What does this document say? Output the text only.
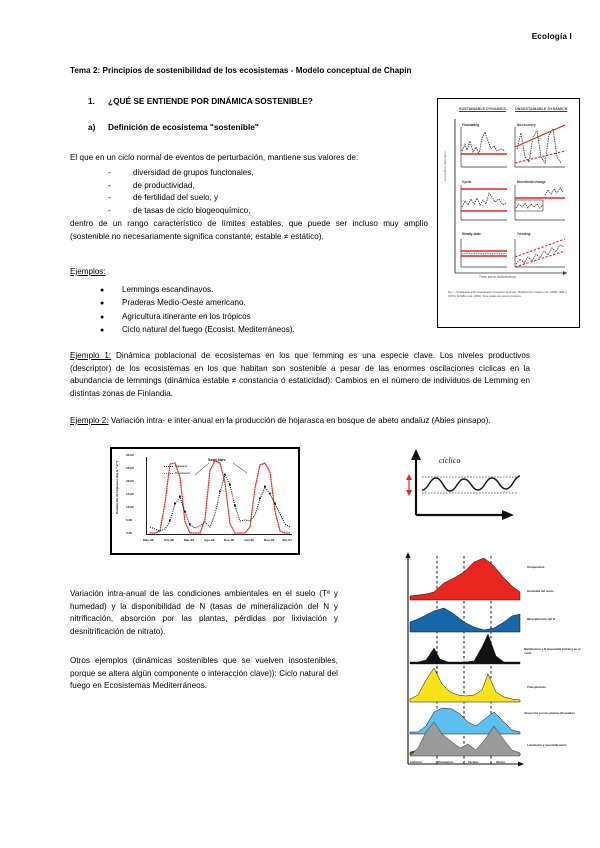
Ecología I
Tema 2: Principios de sostenibilidad de los ecosistemas - Modelo conceptual de Chapín
1.	¿QUÉ SE ENTIENDE POR DINÁMICA SOSTENIBLE?
a)	Definición de ecosistema "sostenible"
El que en un ciclo normal de eventos de perturbación, mantiene sus valores de:
-	diversidad de grupos funcionales,
-	de productividad,
-	de fertilidad del suelo, y
-	de tasas de ciclo biogeoquímico,
dentro de un rango característico de límites estables, que puede ser incluso muy amplio (sostenible no necesariamente significa constante; estable ≠ estático).
Ejemplos:
●	Lemmings escandinavos.
●	Praderas Medio-Oeste americano.
●	Agricultura itinerante en los trópicos
●	Ciclo natural del fuego (Ecosist. Mediterráneos).
Ejemplo 1: Dinámica poblacional de ecosistemas en los que lemming es una especie clave. Los niveles productivos (descriptor) de los ecosistemas en los que habitan son sostenible a pesar de las enormes oscilaciones cíclicas en la abundancia de lemmings (dinámica estable ≠ constancia ó estaticidad): Cambios en el número de individuos de Lemming en distintas zonas de Finlandia.
Ejemplo 2: Variación intra- e inter-anual en la producción de hojarasca en bosque de abeto andaluz (Abies pinsapo).
Variación intra-anual de las condiciones ambientales en el suelo (Tª y humedad) y la disponibilidad de N (tasas de mineralización del N y nitrificación, absorción por las plantas, pérdidas por lixiviación y desnitrificación de nitrato).
Otros ejemplos (dinámicas sostenibles que se vuelven insostenibles, porque se altera algún componente o interacción clave)): Ciclo natural del fuego en Ecosistemas Mediterráneos.
SUSTAINABLE DYNAMICS	UNSUSTAINABLE DYNAMICS
Fluctuating	No-recovery
Cyclic	Directional change
Steady-state	Trending
Ecosystem descriptor
Time since disturbance
Fig. — Sustainable and unsustainable ecosystem dynamics. Modified from Chapin et al. (1996), Holling (1973), Scheffer et al. (2001). Time scales vary among systems.
Producción de hojarasca (mg.m⁻².d⁻¹)
30,00
25,00
20,00
15,00
10,00
5,00
0,00
Sept-Nov
Hojarasca
Precipitación
May-98	Oct-98	Mar-99	Ago-99	Ene-00	Jun-00	Nov-00 Abr-01
cíclico
Temperatura
Humedad del suelo
Mineralización del N
Nitrificación y N disponible (nitrato) en el suelo
Transpiración
Absorción por las plantas (N-uptake)
Lixiviación y desnitrificación
Invierno	Primavera	Verano	Otoño
